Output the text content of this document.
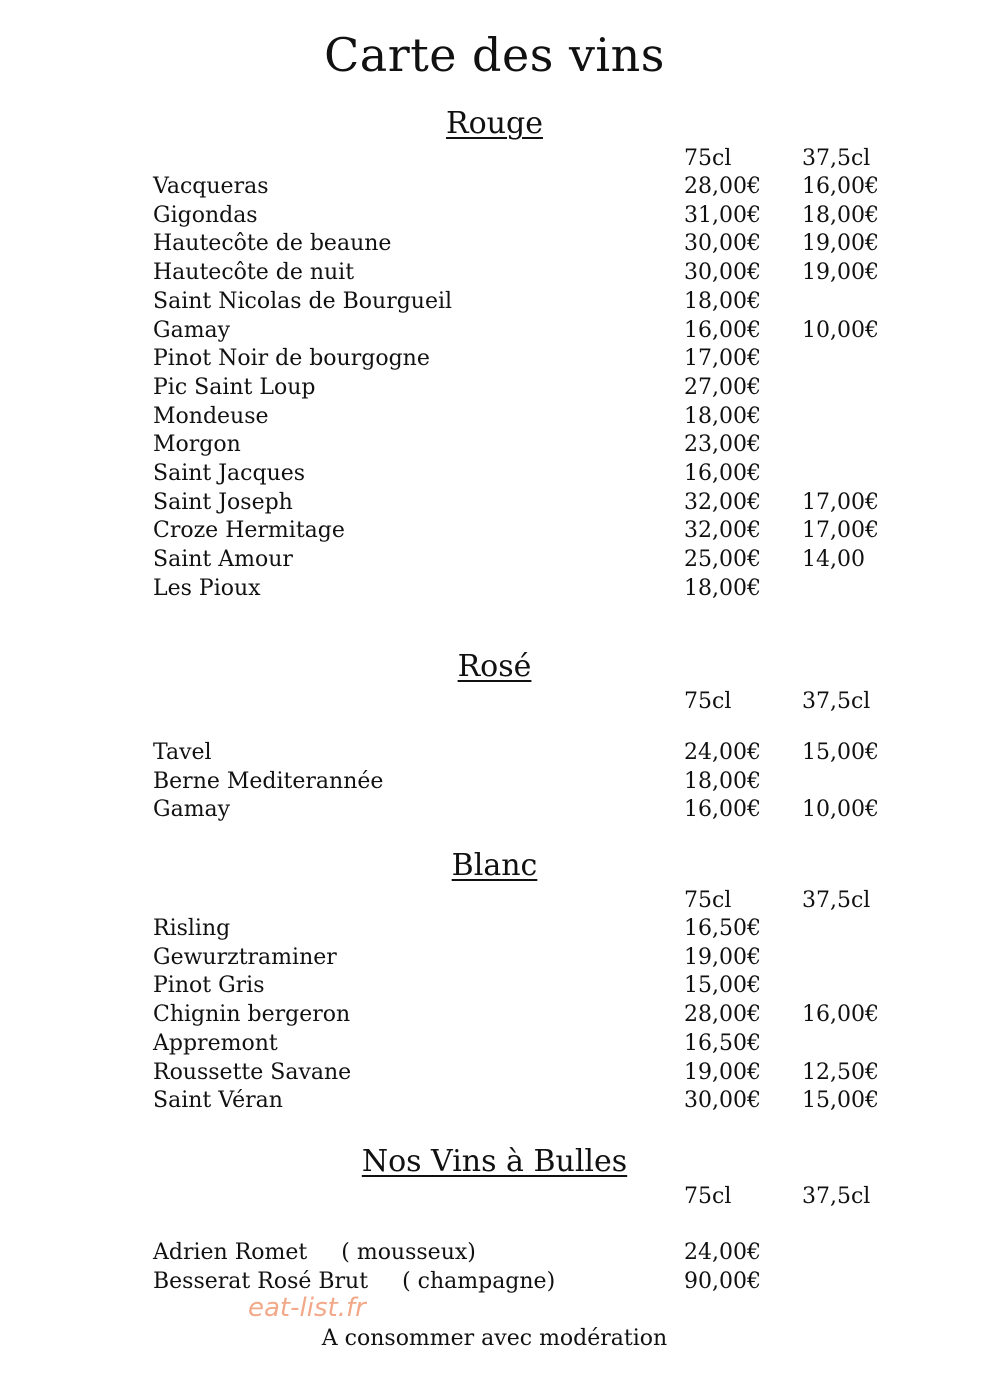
Carte des vins
Rouge
75cl	37,5cl
Rosé
75cl	37,5cl
Blanc
75cl	37,5cl
Nos Vins à Bulles
75cl	37,5cl
Vacqueras	28,00€ 16,00€
Gigondas	31,00€ 18,00€
Hautecôte de beaune	30,00€ 19,00€
Hautecôte de nuit	30,00€ 19,00€
Saint Nicolas de Bourgueil	18,00€
Gamay	16,00€ 10,00€
Pinot Noir de bourgogne	17,00€
Pic Saint Loup	27,00€
Mondeuse	18,00€
Morgon	23,00€
Saint Jacques	16,00€
Saint Joseph	32,00€ 17,00€
Croze Hermitage	32,00€ 17,00€
Saint Amour	25,00€ 14,00
Les Pioux	18,00€
Tavel	24,00€ 15,00€
Berne Mediterannée	18,00€
Gamay	16,00€ 10,00€
Risling	16,50€
Gewurztraminer	19,00€
Pinot Gris	15,00€
Chignin bergeron	28,00€ 16,00€
Appremont	16,50€
Roussette Savane	19,00€ 12,50€
Saint Véran	30,00€ 15,00€
Adrien Romet ( mousseux)	24,00€
Besserat Rosé Brut ( champagne)	90,00€
eat-list.fr
A consommer avec modération
